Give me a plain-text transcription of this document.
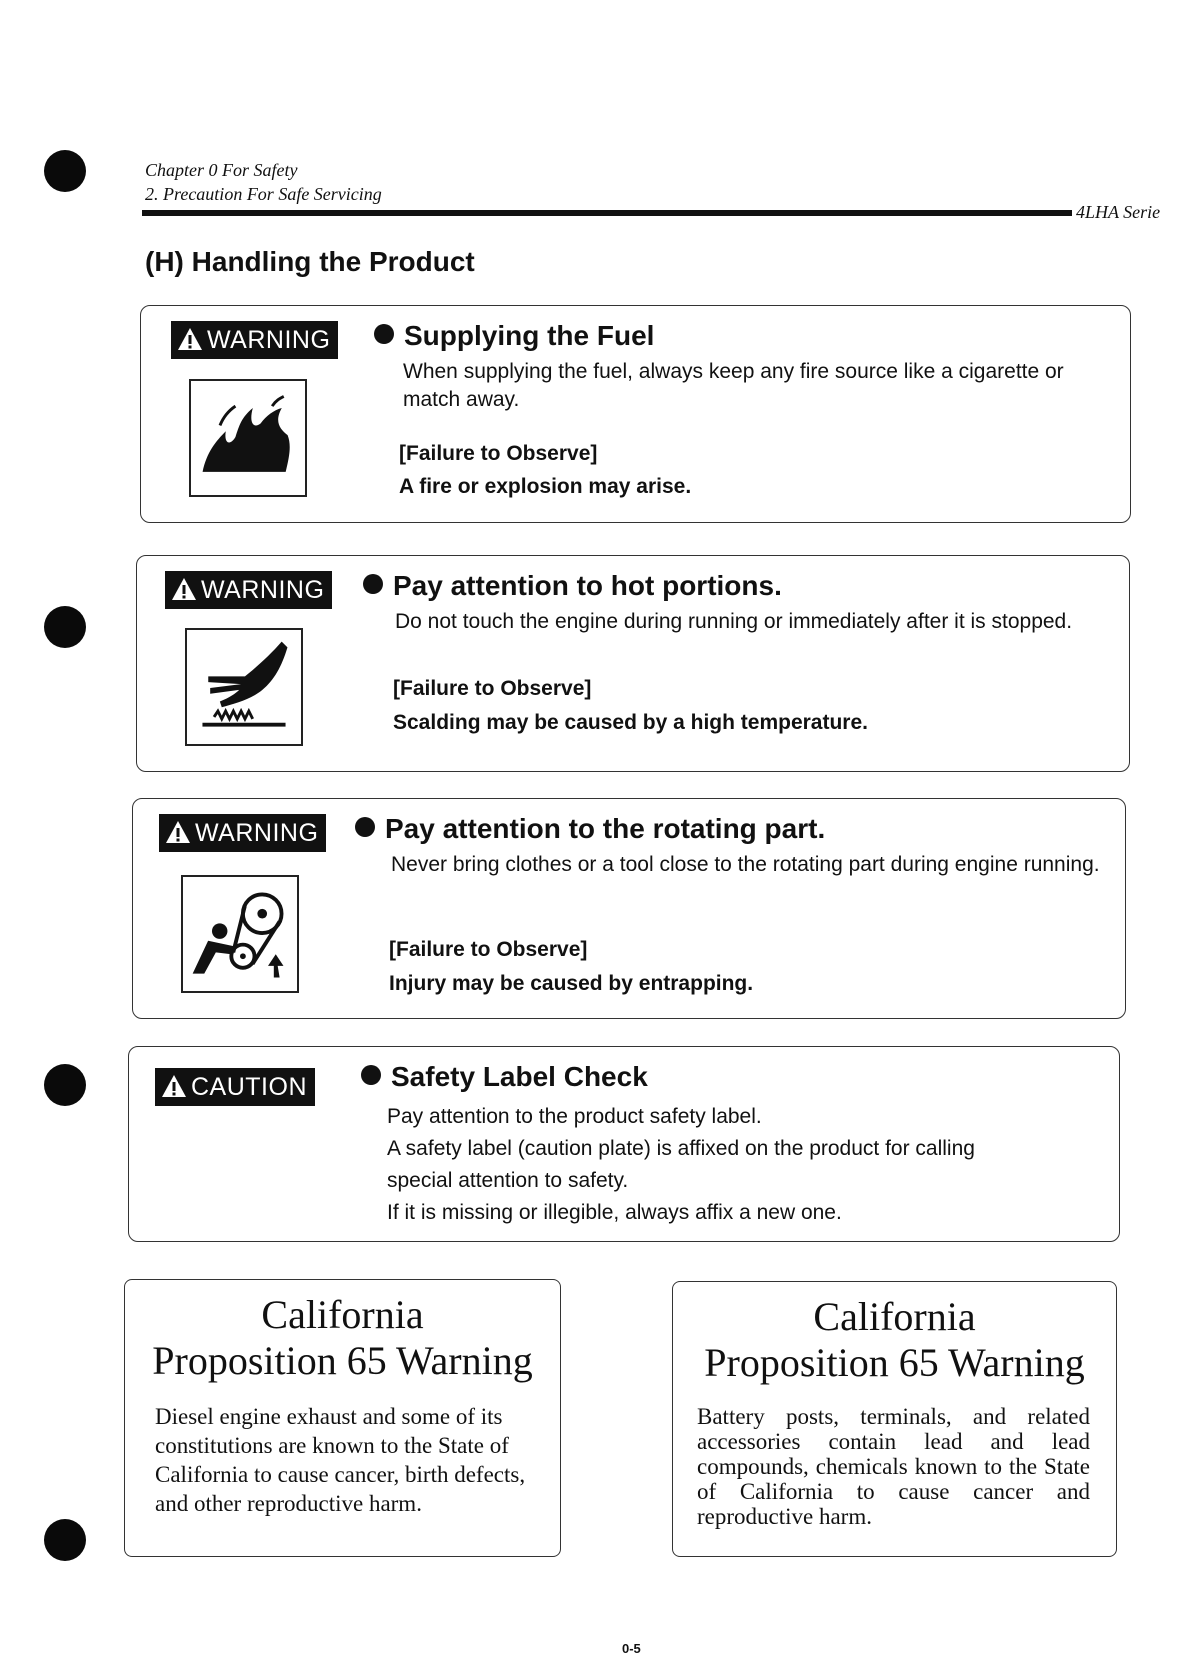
Chapter 0 For Safety
2. Precaution For Safe Servicing
4LHA Serie
(H) Handling the Product
WARNING	Supplying the Fuel
When supplying the fuel, always keep any fire source like a cigarette or match away.
[Failure to Observe]
A fire or explosion may arise.
WARNING	Pay attention to hot portions.
Do not touch the engine during running or immediately after it is stopped.
[Failure to Observe]
Scalding may be caused by a high temperature.
WARNING	Pay attention to the rotating part.
Never bring clothes or a tool close to the rotating part during engine running.
[Failure to Observe]
Injury may be caused by entrapping.
CAUTION	Safety Label Check
Pay attention to the product safety label.
A safety label (caution plate) is affixed on the product for calling
special attention to safety.
If it is missing or illegible, always affix a new one.
California
Proposition 65 Warning
Diesel engine exhaust and some of its constitutions are known to the State of California to cause cancer, birth defects, and other reproductive harm.
California
Proposition 65 Warning
Battery posts, terminals, and related accessories contain lead and lead compounds, chemicals known to the State of California to cause cancer and reproductive harm.
0-5
